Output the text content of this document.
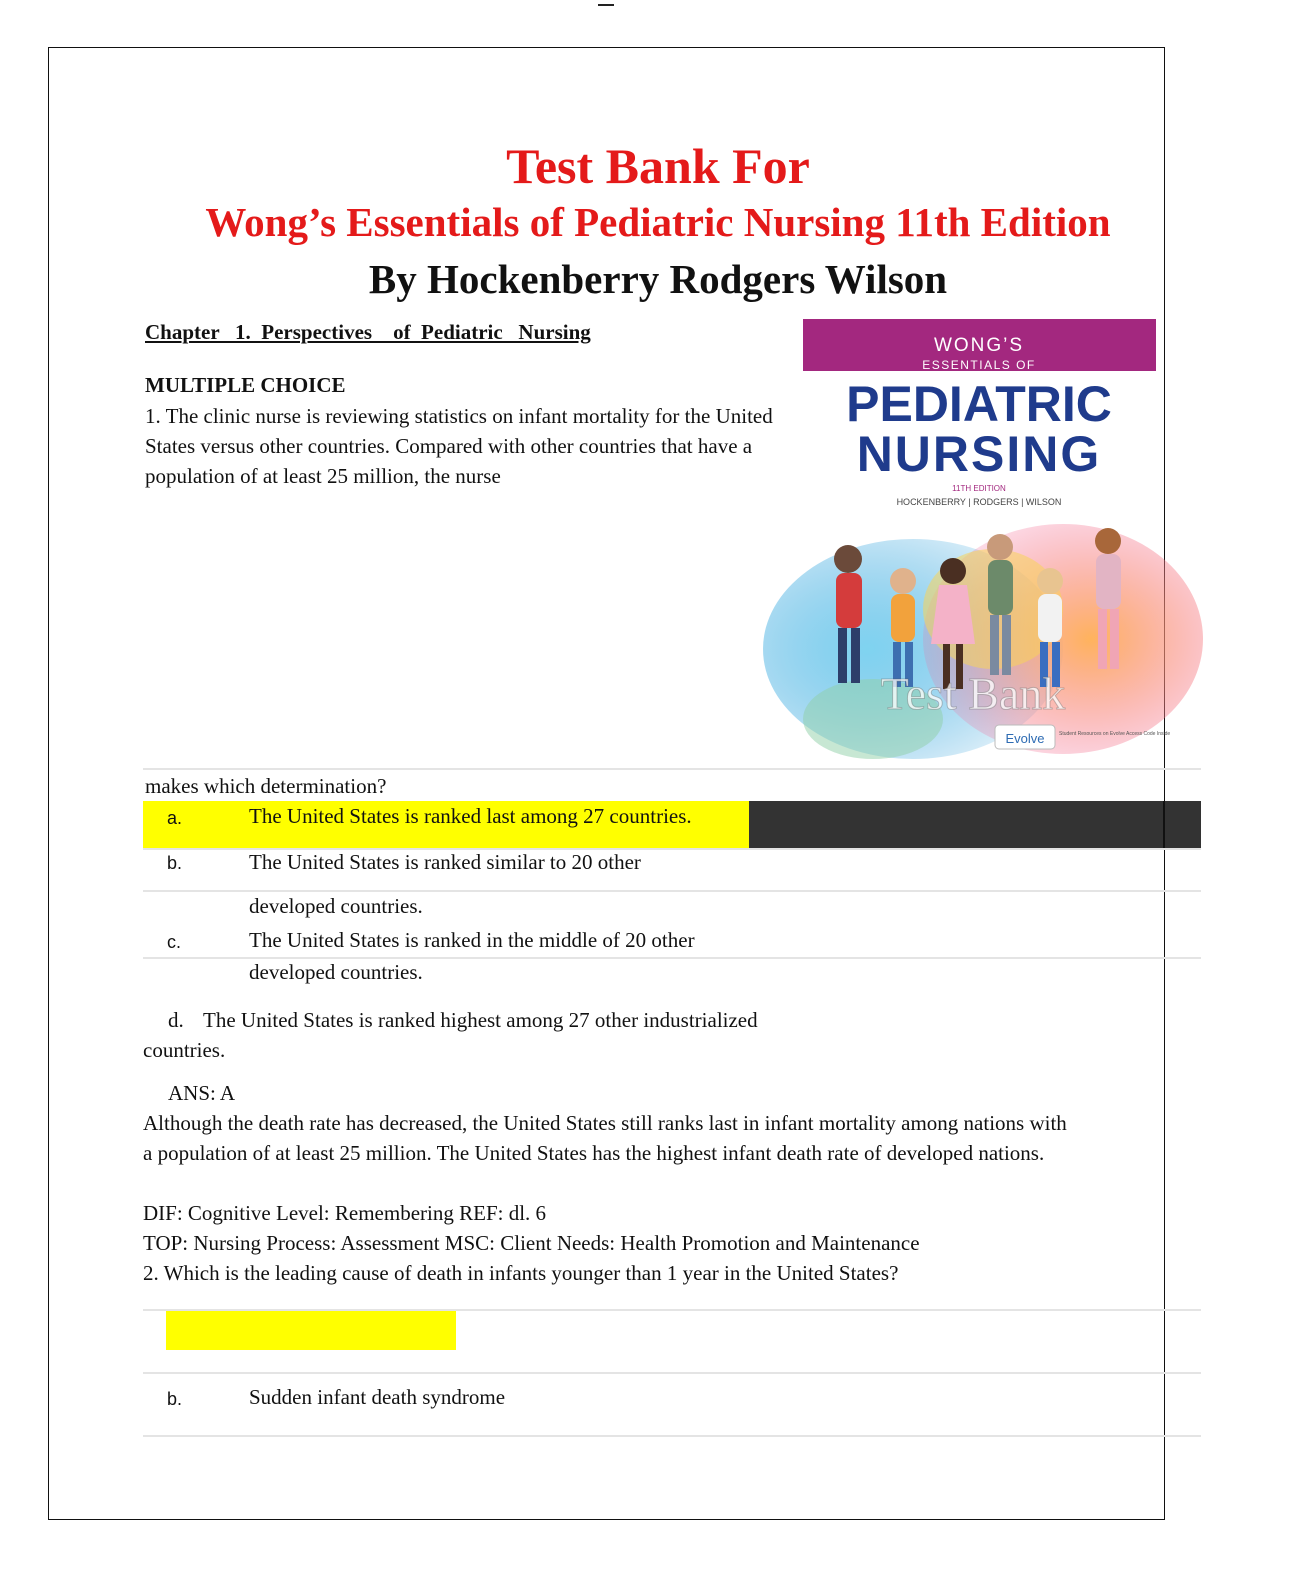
Test Bank For
Wong’s Essentials of Pediatric Nursing 11th Edition
By Hockenberry Rodgers Wilson
Chapter   1.  Perspectives    of  Pediatric   Nursing
MULTIPLE CHOICE
1. The clinic nurse is reviewing statistics on infant mortality for the United States versus other countries. Compared with other countries that have a population of at least 25 million, the nurse
WONG’S
ESSENTIALS OF
PEDIATRIC
NURSING
11TH EDITION
HOCKENBERRY | RODGERS | WILSON
Test Bank
Evolve	Student Resources on Evolve Access Code Inside
makes which determination?
a.	The United States is ranked last among 27 countries.
b.	The United States is ranked similar to 20 other
developed countries.
c.	The United States is ranked in the middle of 20 other
developed countries.
d. The United States is ranked highest among 27 other industrialized
countries.
ANS: A
Although the death rate has decreased, the United States still ranks last in infant mortality among nations with a population of at least 25 million. The United States has the highest infant death rate of developed nations.
DIF: Cognitive Level: Remembering REF: dl. 6
TOP: Nursing Process: Assessment MSC: Client Needs: Health Promotion and Maintenance
2. Which is the leading cause of death in infants younger than 1 year in the United States?
b.	Sudden infant death syndrome
